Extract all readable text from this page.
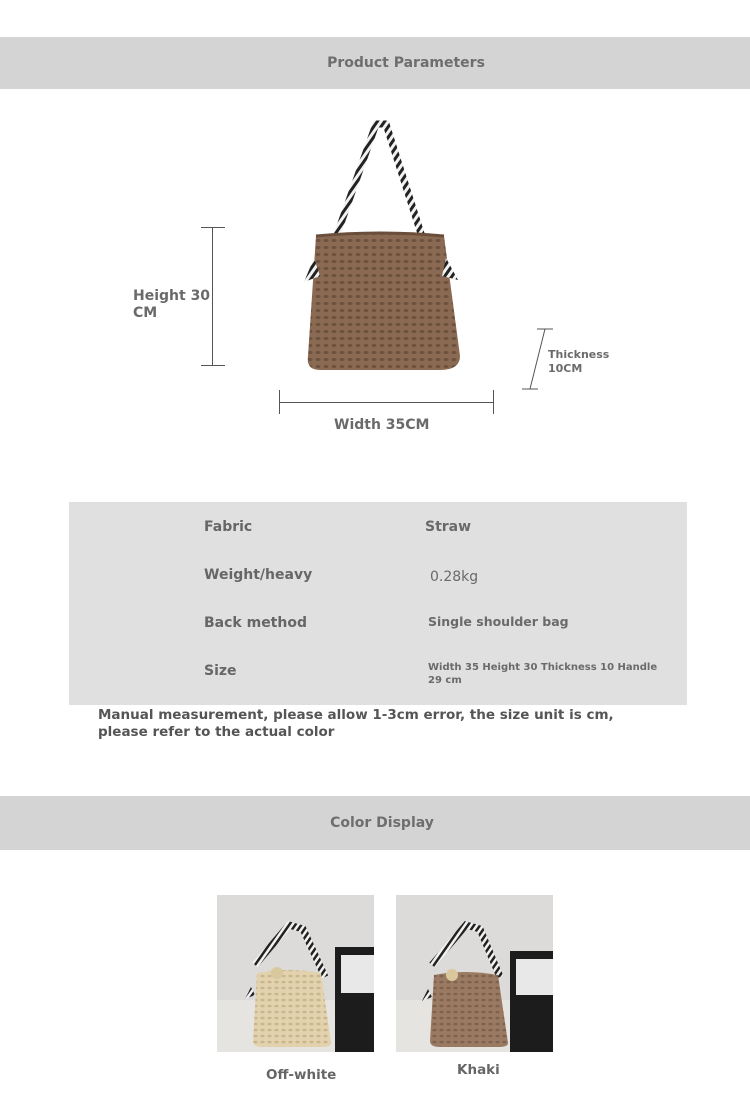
Product Parameters
Height 30 CM
Width 35CM
Thickness 10CM
Fabric	Straw
Weight/heavy	0.28kg
Back method	Single shoulder bag
Size	Width 35 Height 30 Thickness 10 Handle 29 cm
Manual measurement, please allow 1-3cm error, the size unit is cm, please refer to the actual color
Color Display
Off-white	Khaki
